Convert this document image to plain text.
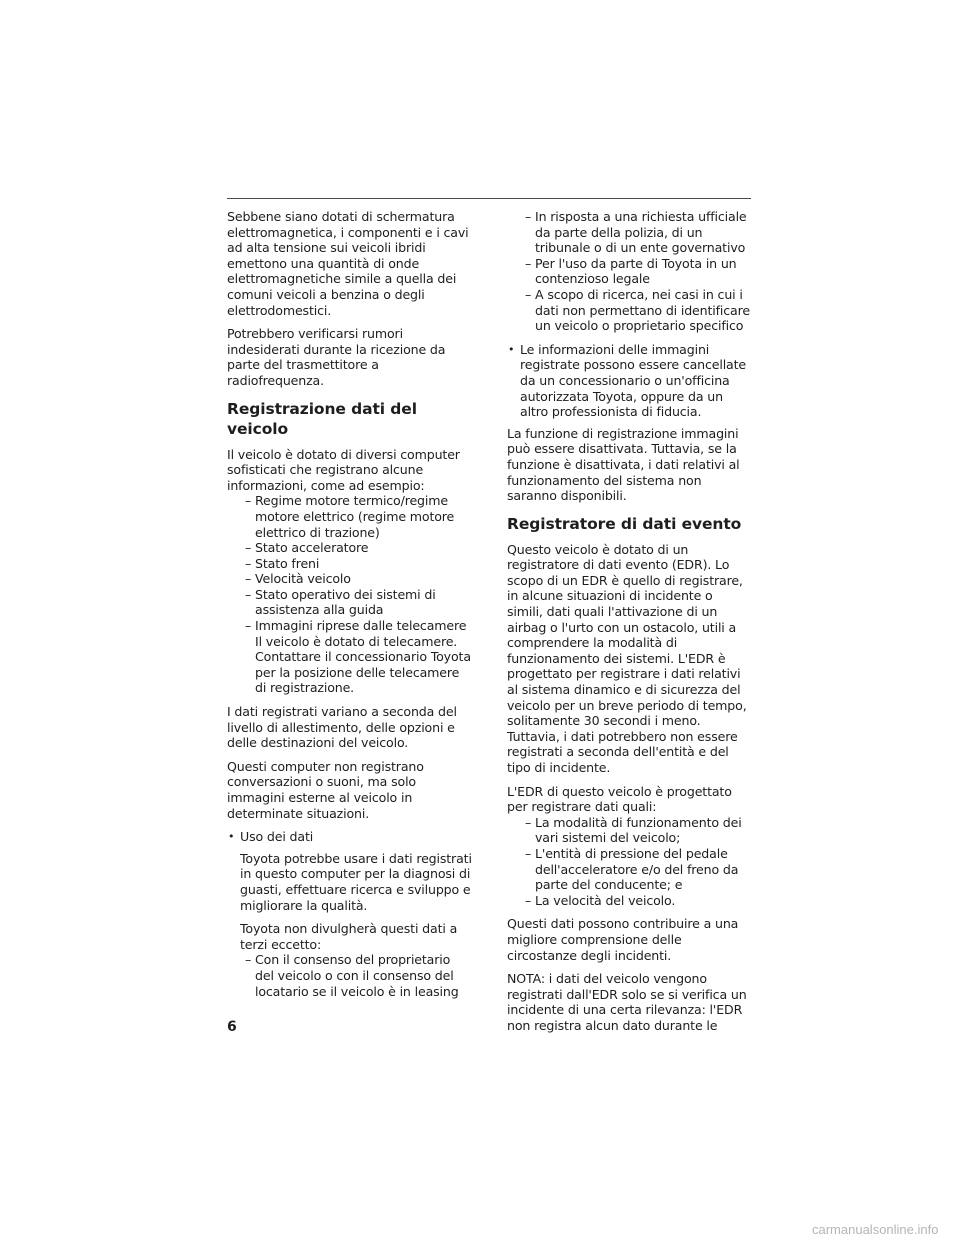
Sebbene siano dotati di schermatura elettromagnetica, i componenti e i cavi ad alta tensione sui veicoli ibridi emettono una quantità di onde elettromagnetiche simile a quella dei comuni veicoli a benzina o degli elettrodomestici.

Potrebbero verificarsi rumori indesiderati durante la ricezione da parte del trasmettitore a radiofrequenza.

Registrazione dati del veicolo

Il veicolo è dotato di diversi computer sofisticati che registrano alcune informazioni, come ad esempio:

– Regime motore termico/regime motore elettrico (regime motore elettrico di trazione)
– Stato acceleratore
– Stato freni
– Velocità veicolo
– Stato operativo dei sistemi di assistenza alla guida
– Immagini riprese dalle telecamere

Il veicolo è dotato di telecamere. Contattare il concessionario Toyota per la posizione delle telecamere di registrazione.

I dati registrati variano a seconda del livello di allestimento, delle opzioni e delle destinazioni del veicolo.

Questi computer non registrano conversazioni o suoni, ma solo immagini esterne al veicolo in determinate situazioni.

• Uso dei dati

Toyota potrebbe usare i dati registrati in questo computer per la diagnosi di guasti, effettuare ricerca e sviluppo e migliorare la qualità.

Toyota non divulgherà questi dati a terzi eccetto:

– Con il consenso del proprietario del veicolo o con il consenso del locatario se il veicolo è in leasing
– In risposta a una richiesta ufficiale da parte della polizia, di un tribunale o di un ente governativo
– Per l'uso da parte di Toyota in un contenzioso legale
– A scopo di ricerca, nei casi in cui i dati non permettano di identificare un veicolo o proprietario specifico
• Le informazioni delle immagini registrate possono essere cancellate da un concessionario o un'officina autorizzata Toyota, oppure da un altro professionista di fiducia.

La funzione di registrazione immagini può essere disattivata. Tuttavia, se la funzione è disattivata, i dati relativi al funzionamento del sistema non saranno disponibili.

Registratore di dati evento

Questo veicolo è dotato di un registratore di dati evento (EDR). Lo scopo di un EDR è quello di registrare, in alcune situazioni di incidente o simili, dati quali l'attivazione di un airbag o l'urto con un ostacolo, utili a comprendere la modalità di funzionamento dei sistemi. L'EDR è progettato per registrare i dati relativi al sistema dinamico e di sicurezza del veicolo per un breve periodo di tempo, solitamente 30 secondi i meno. Tuttavia, i dati potrebbero non essere registrati a seconda dell'entità e del tipo di incidente.

L'EDR di questo veicolo è progettato per registrare dati quali:

– La modalità di funzionamento dei vari sistemi del veicolo;
– L'entità di pressione del pedale dell'acceleratore e/o del freno da parte del conducente; e
– La velocità del veicolo.

Questi dati possono contribuire a una migliore comprensione delle circostanze degli incidenti.

NOTA: i dati del veicolo vengono registrati dall'EDR solo se si verifica un incidente di una certa rilevanza: l'EDR non registra alcun dato durante le

6
carmanualsonline.info
